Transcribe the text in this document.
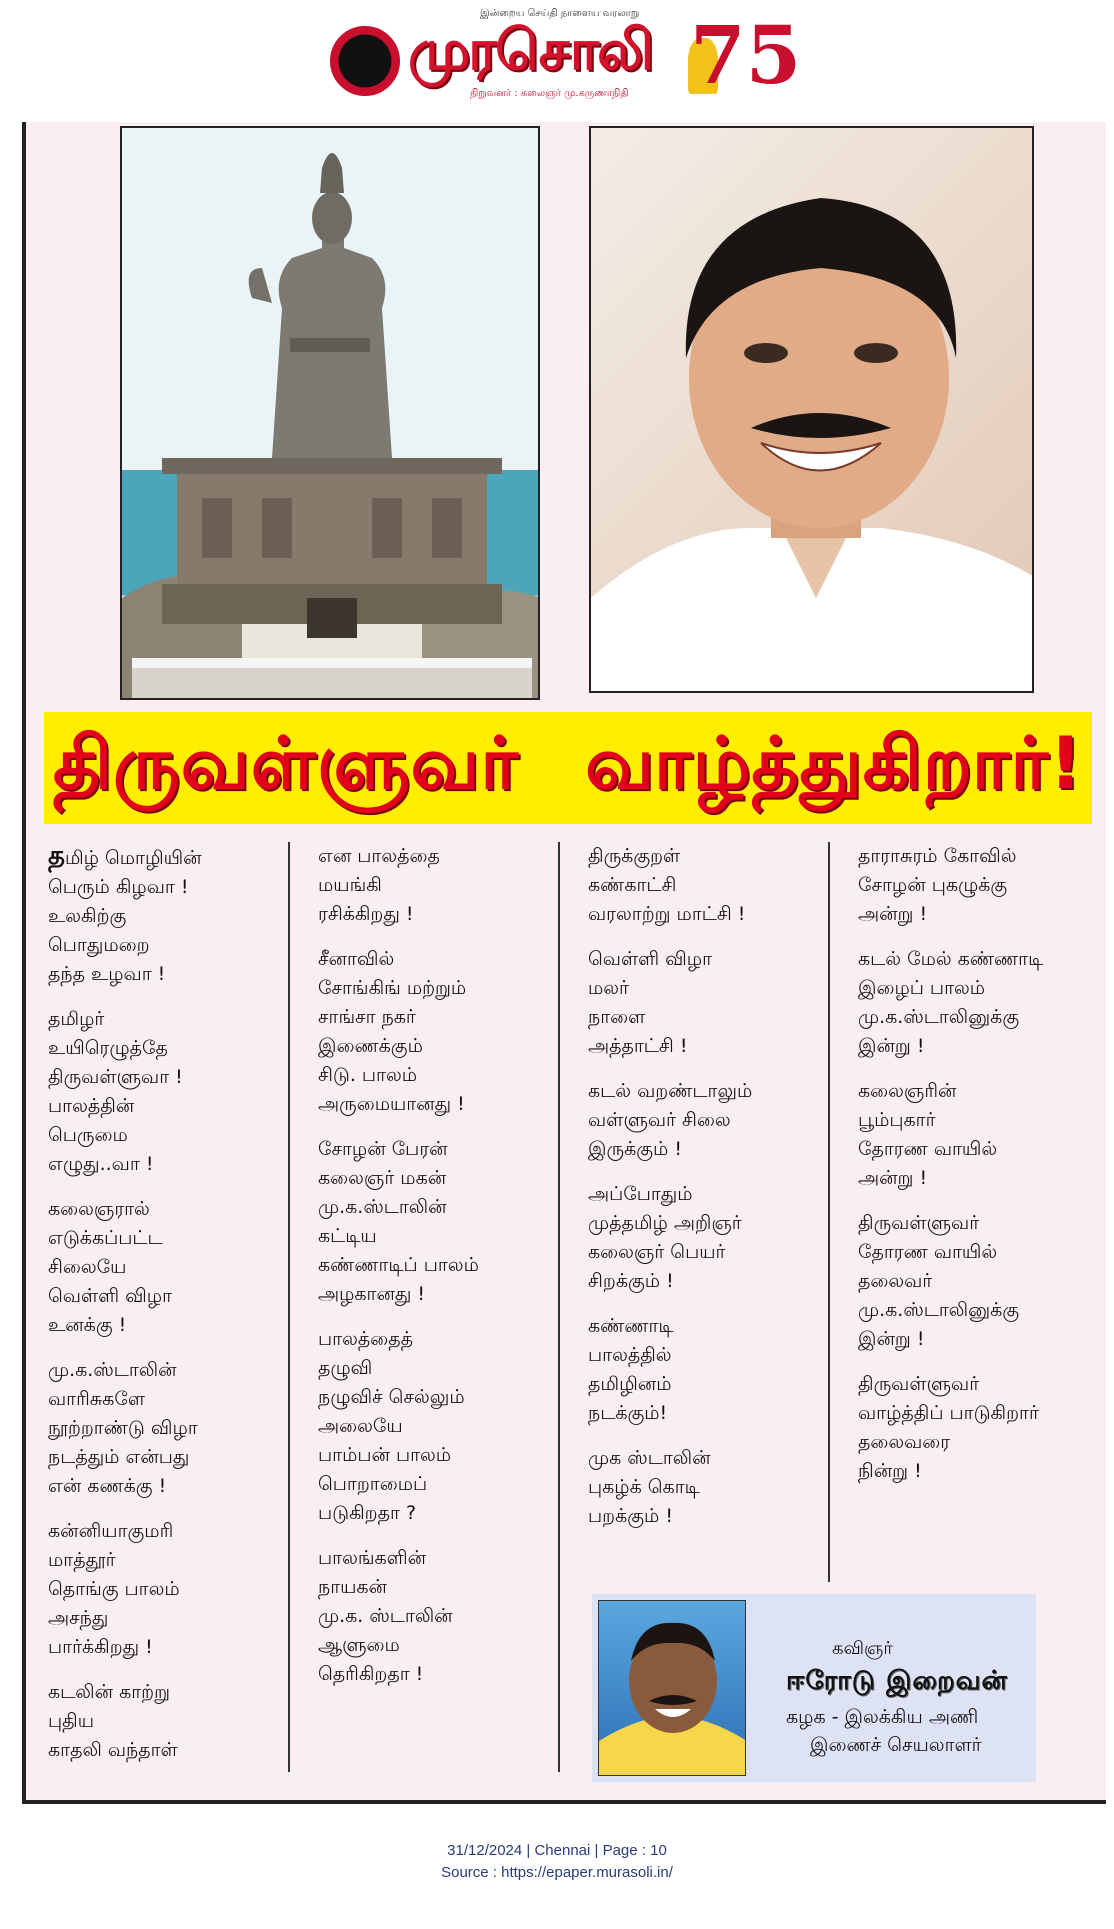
இன்றைய செய்தி நாளைய வரலாறு
முரசொலி
நிறுவனர் : கலைஞர் மு.கருணாநிதி 75
திருவள்ளுவர் வாழ்த்துகிறார்!
தமிழ் மொழியின்
பெரும் கிழவா !
உலகிற்கு
பொதுமறை
தந்த உழவா !
தமிழர்
உயிரெழுத்தே
திருவள்ளுவா !
பாலத்தின்
பெருமை
எழுது..வா !
கலைஞரால்
எடுக்கப்பட்ட
சிலையே
வெள்ளி விழா
உனக்கு !
மு.க.ஸ்டாலின்
வாரிசுகளே
நூற்றாண்டு விழா
நடத்தும் என்பது
என் கணக்கு !
கன்னியாகுமரி
மாத்தூர்
தொங்கு பாலம்
அசந்து
பார்க்கிறது !
கடலின் காற்று
புதிய
காதலி வந்தாள்
என பாலத்தை
மயங்கி
ரசிக்கிறது !
சீனாவில்
சோங்கிங் மற்றும்
சாங்சா நகர்
இணைக்கும்
சிடு. பாலம்
அருமையானது !
சோழன் பேரன்
கலைஞர் மகன்
மு.க.ஸ்டாலின்
கட்டிய
கண்ணாடிப் பாலம்
அழகானது !
பாலத்தைத்
தழுவி
நழுவிச் செல்லும்
அலையே
பாம்பன் பாலம்
பொறாமைப்
படுகிறதா ?
பாலங்களின்
நாயகன்
மு.க. ஸ்டாலின்
ஆளுமை
தெரிகிறதா !
திருக்குறள்
கண்காட்சி
வரலாற்று மாட்சி !
வெள்ளி விழா
மலர்
நாளை
அத்தாட்சி !
கடல் வறண்டாலும்
வள்ளுவர் சிலை
இருக்கும் !
அப்போதும்
முத்தமிழ் அறிஞர்
கலைஞர் பெயர்
சிறக்கும் !
கண்ணாடி
பாலத்தில்
தமிழினம்
நடக்கும்!
முக ஸ்டாலின்
புகழ்க் கொடி
பறக்கும் !
தாராசுரம் கோவில்
சோழன் புகழுக்கு
அன்று !
கடல் மேல் கண்ணாடி
இழைப் பாலம்
மு.க.ஸ்டாலினுக்கு
இன்று !
கலைஞரின்
பூம்புகார்
தோரண வாயில்
அன்று !
திருவள்ளுவர்
தோரண வாயில்
தலைவர்
மு.க.ஸ்டாலினுக்கு
இன்று !
திருவள்ளுவர்
வாழ்த்திப் பாடுகிறார்
தலைவரை
நின்று !
கவிஞர்
ஈரோடு இறைவன்
கழக - இலக்கிய அணி
இணைச் செயலாளர்
31/12/2024 | Chennai | Page : 10
Source : https://epaper.murasoli.in/
